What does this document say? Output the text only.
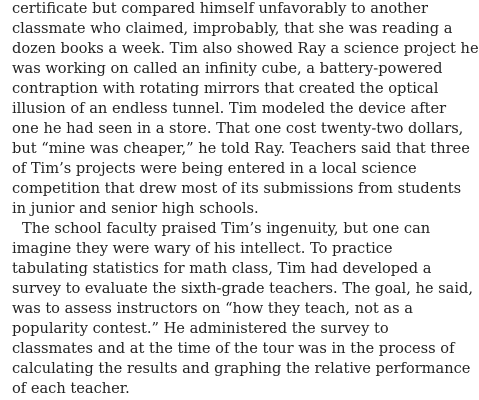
certificate but compared himself unfavorably to another
classmate who claimed, improbably, that she was reading a
dozen books a week. Tim also showed Ray a science project he
was working on called an infinity cube, a battery-powered
contraption with rotating mirrors that created the optical
illusion of an endless tunnel. Tim modeled the device after
one he had seen in a store. That one cost twenty-two dollars,
but “mine was cheaper,” he told Ray. Teachers said that three
of Tim’s projects were being entered in a local science
competition that drew most of its submissions from students
in junior and senior high schools.
The school faculty praised Tim’s ingenuity, but one can
imagine they were wary of his intellect. To practice
tabulating statistics for math class, Tim had developed a
survey to evaluate the sixth-grade teachers. The goal, he said,
was to assess instructors on “how they teach, not as a
popularity contest.” He administered the survey to
classmates and at the time of the tour was in the process of
calculating the results and graphing the relative performance
of each teacher.
